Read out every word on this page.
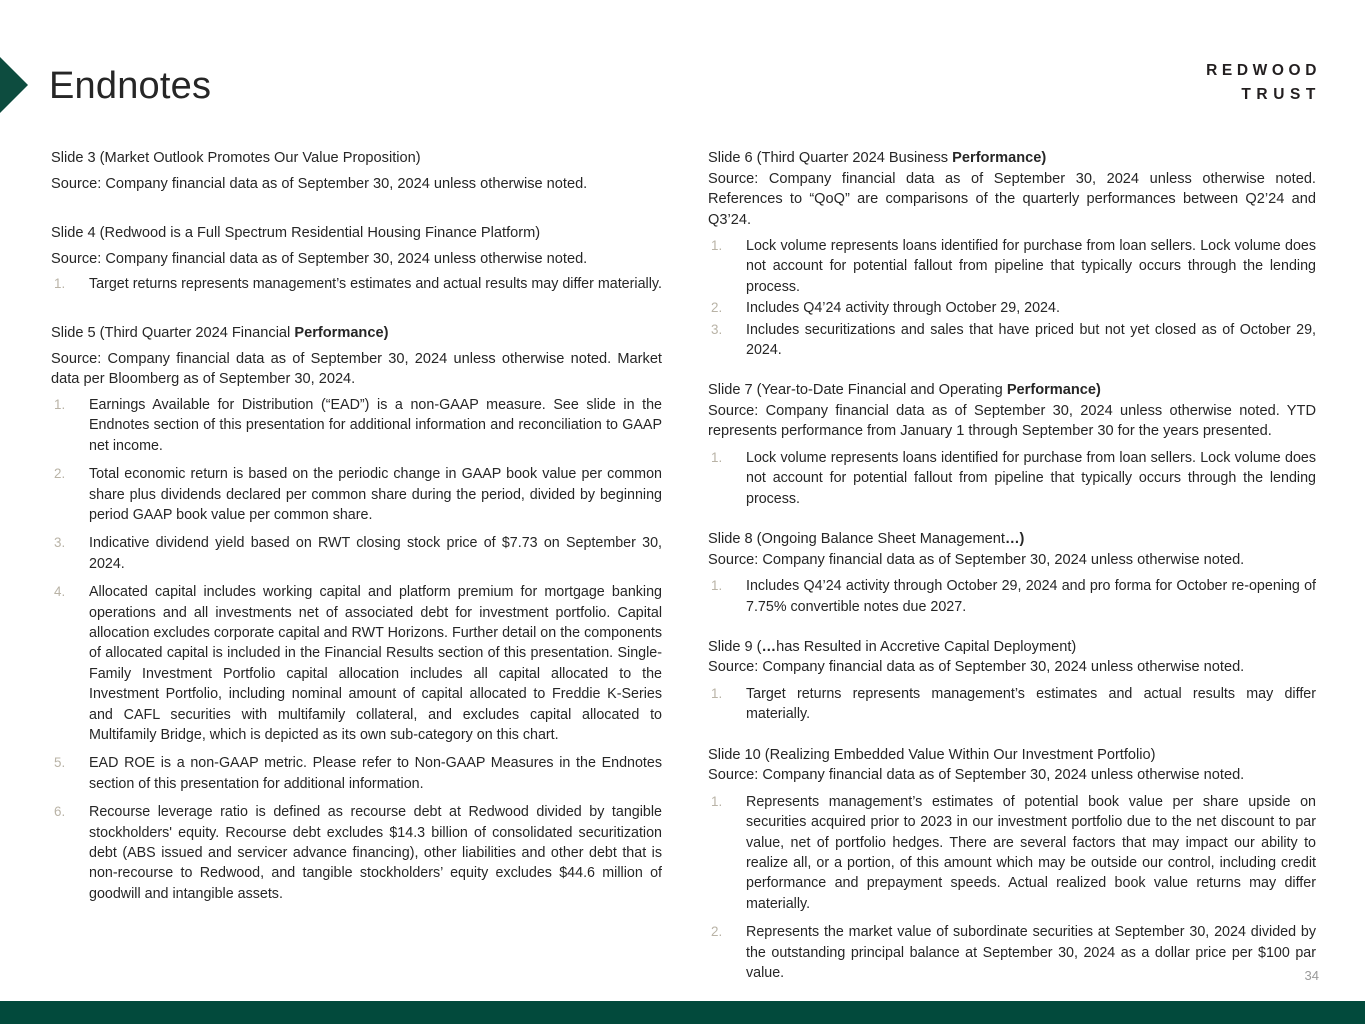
Endnotes	REDWOOD
TRUST
Slide 3 (Market Outlook Promotes Our Value Proposition)
Source: Company financial data as of September 30, 2024 unless otherwise noted.
Slide 4 (Redwood is a Full Spectrum Residential Housing Finance Platform)
Source: Company financial data as of September 30, 2024 unless otherwise noted.
1.	Target returns represents management’s estimates and actual results may differ materially.
Slide 5 (Third Quarter 2024 Financial Performance)
Source: Company financial data as of September 30, 2024 unless otherwise noted. Market data per Bloomberg as of September 30, 2024.
1.	Earnings Available for Distribution (“EAD”) is a non-GAAP measure. See slide in the Endnotes section of this presentation for additional information and reconciliation to GAAP net income.
2.	Total economic return is based on the periodic change in GAAP book value per common share plus dividends declared per common share during the period, divided by beginning period GAAP book value per common share.
3.	Indicative dividend yield based on RWT closing stock price of $7.73 on September 30, 2024.
4.	Allocated capital includes working capital and platform premium for mortgage banking operations and all investments net of associated debt for investment portfolio. Capital allocation excludes corporate capital and RWT Horizons. Further detail on the components of allocated capital is included in the Financial Results section of this presentation. Single-Family Investment Portfolio capital allocation includes all capital allocated to the Investment Portfolio, including nominal amount of capital allocated to Freddie K-Series and CAFL securities with multifamily collateral, and excludes capital allocated to Multifamily Bridge, which is depicted as its own sub-category on this chart.
5.	EAD ROE is a non-GAAP metric. Please refer to Non-GAAP Measures in the Endnotes section of this presentation for additional information.
6.	Recourse leverage ratio is defined as recourse debt at Redwood divided by tangible stockholders' equity. Recourse debt excludes $14.3 billion of consolidated securitization debt (ABS issued and servicer advance financing), other liabilities and other debt that is non-recourse to Redwood, and tangible stockholders’ equity excludes $44.6 million of goodwill and intangible assets.
Slide 6 (Third Quarter 2024 Business Performance)
Source: Company financial data as of September 30, 2024 unless otherwise noted. References to “QoQ” are comparisons of the quarterly performances between Q2’24 and Q3’24.
1.	Lock volume represents loans identified for purchase from loan sellers. Lock volume does not account for potential fallout from pipeline that typically occurs through the lending process.
2.	Includes Q4’24 activity through October 29, 2024.
3.	Includes securitizations and sales that have priced but not yet closed as of October 29, 2024.
Slide 7 (Year-to-Date Financial and Operating Performance)
Source: Company financial data as of September 30, 2024 unless otherwise noted. YTD represents performance from January 1 through September 30 for the years presented.
1.	Lock volume represents loans identified for purchase from loan sellers. Lock volume does not account for potential fallout from pipeline that typically occurs through the lending process.
Slide 8 (Ongoing Balance Sheet Management…)
Source: Company financial data as of September 30, 2024 unless otherwise noted.
1.	Includes Q4’24 activity through October 29, 2024 and pro forma for October re-opening of 7.75% convertible notes due 2027.
Slide 9 (…has Resulted in Accretive Capital Deployment)
Source: Company financial data as of September 30, 2024 unless otherwise noted.
1.	Target returns represents management’s estimates and actual results may differ materially.
Slide 10 (Realizing Embedded Value Within Our Investment Portfolio)
Source: Company financial data as of September 30, 2024 unless otherwise noted.
1.	Represents management’s estimates of potential book value per share upside on securities acquired prior to 2023 in our investment portfolio due to the net discount to par value, net of portfolio hedges. There are several factors that may impact our ability to realize all, or a portion, of this amount which may be outside our control, including credit performance and prepayment speeds. Actual realized book value returns may differ materially.
2.	Represents the market value of subordinate securities at September 30, 2024 divided by the outstanding principal balance at September 30, 2024 as a dollar price per $100 par value.	34
